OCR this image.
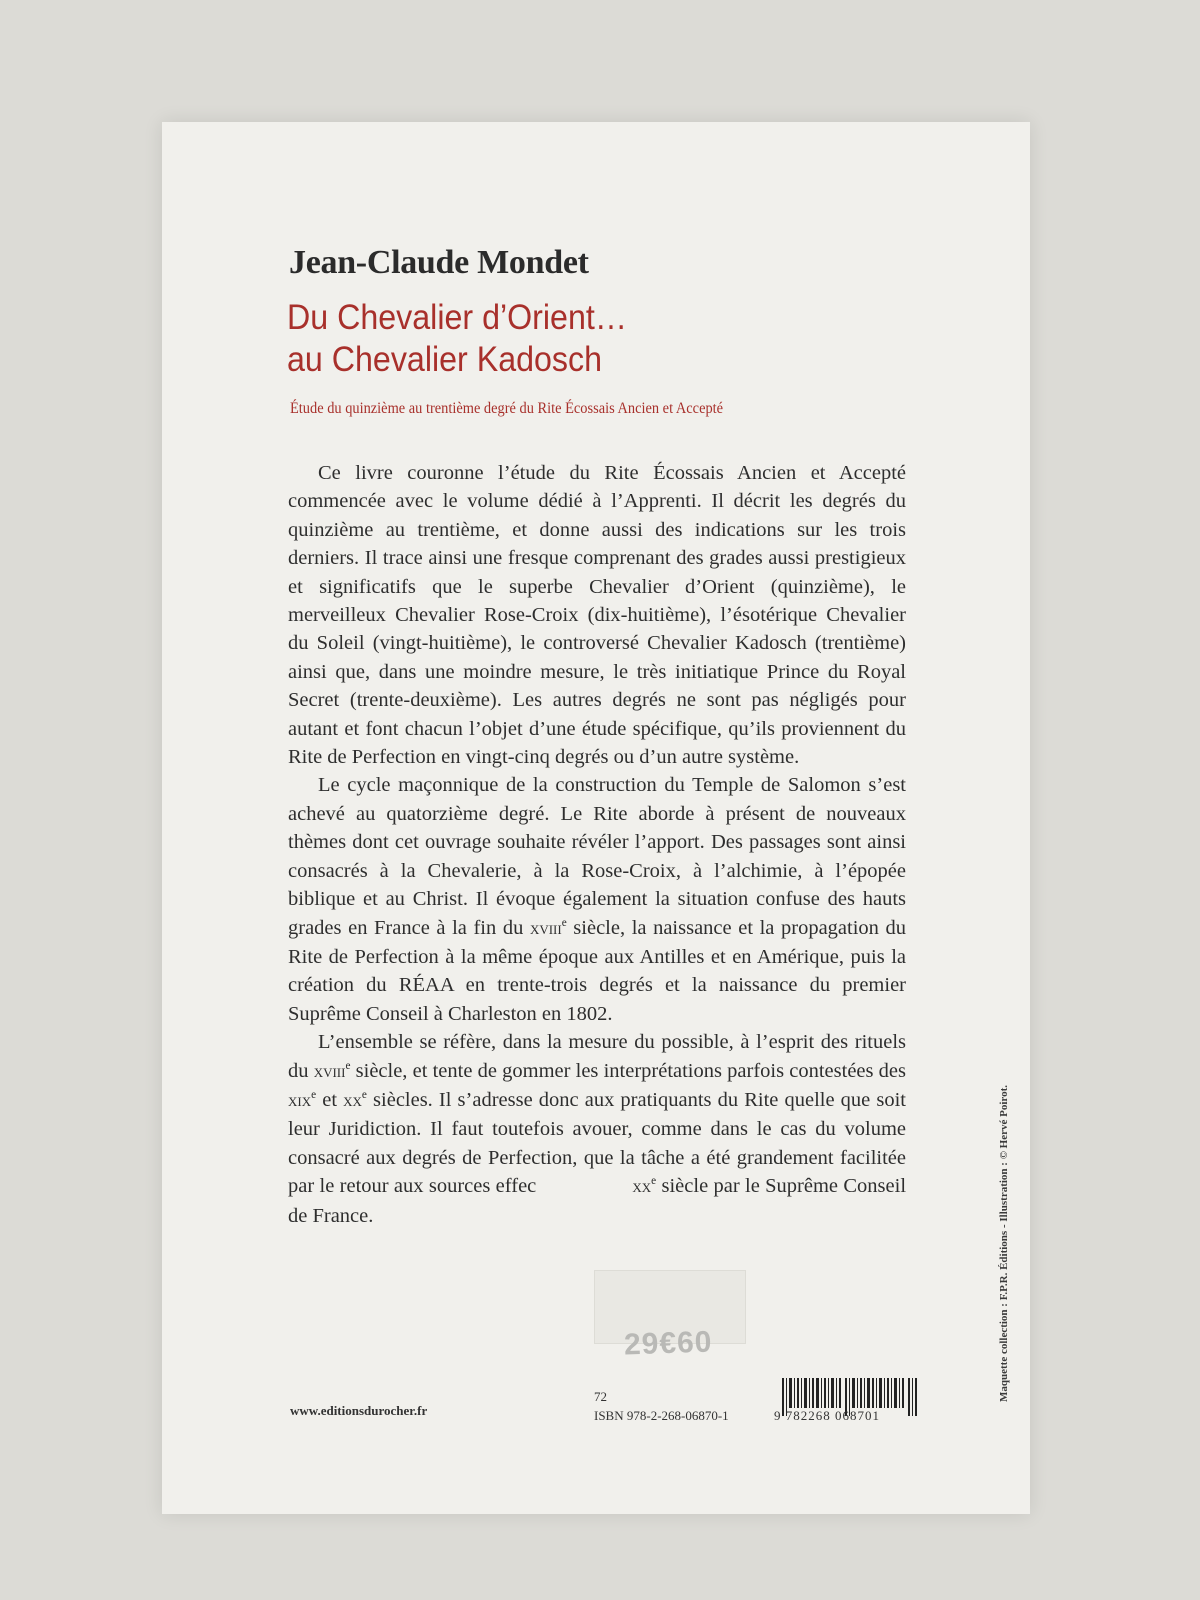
Jean-Claude Mondet
Du Chevalier d’Orient…
au Chevalier Kadosch
Étude du quinzième au trentième degré du Rite Écossais Ancien et Accepté

Ce livre couronne l’étude du Rite Écossais Ancien et Accepté commencée avec le volume dédié à l’Apprenti. Il décrit les degrés du quinzième au trentième, et donne aussi des indications sur les trois derniers. Il trace ainsi une fresque comprenant des grades aussi prestigieux et significatifs que le superbe Chevalier d’Orient (quinzième), le merveilleux Chevalier Rose-Croix (dix-huitième), l’ésotérique Chevalier du Soleil (vingt-huitième), le controversé Chevalier Kadosch (trentième) ainsi que, dans une moindre mesure, le très initiatique Prince du Royal Secret (trente-deuxième). Les autres degrés ne sont pas négligés pour autant et font chacun l’objet d’une étude spécifique, qu’ils proviennent du Rite de Perfection en vingt-cinq degrés ou d’un autre système.

Le cycle maçonnique de la construction du Temple de Salomon s’est achevé au quatorzième degré. Le Rite aborde à présent de nouveaux thèmes dont cet ouvrage souhaite révéler l’apport. Des passages sont ainsi consacrés à la Chevalerie, à la Rose-Croix, à l’alchimie, à l’épopée biblique et au Christ. Il évoque également la situation confuse des hauts grades en France à la fin du xviii$^e$ siècle, la naissance et la propagation du Rite de Perfection à la même époque aux Antilles et en Amérique, puis la création du RÉAA en trente-trois degrés et la naissance du premier Suprême Conseil à Charleston en 1802.

L’ensemble se réfère, dans la mesure du possible, à l’esprit des rituels du xviii$^e$ siècle, et tente de gommer les interprétations parfois contestées des xix$^e$ et $xx^e$ siècles. Il s’adresse donc aux pratiquants du Rite quelle que soit leur Juridiction. Il faut toutefois avouer, comme dans le cas du volume consacré aux degrés de Perfection, que la tâche a été grandement facilitée par le retour aux sources effec	$xx^e$ siècle par le Suprême Conseil de France.

29€60
www.editionsdurocher.fr
72
ISBN 978-2-268-06870-1	9 782268 068701
Maquette collection : F.P.R. Éditions - Illustration : © Hervé Poirot.
